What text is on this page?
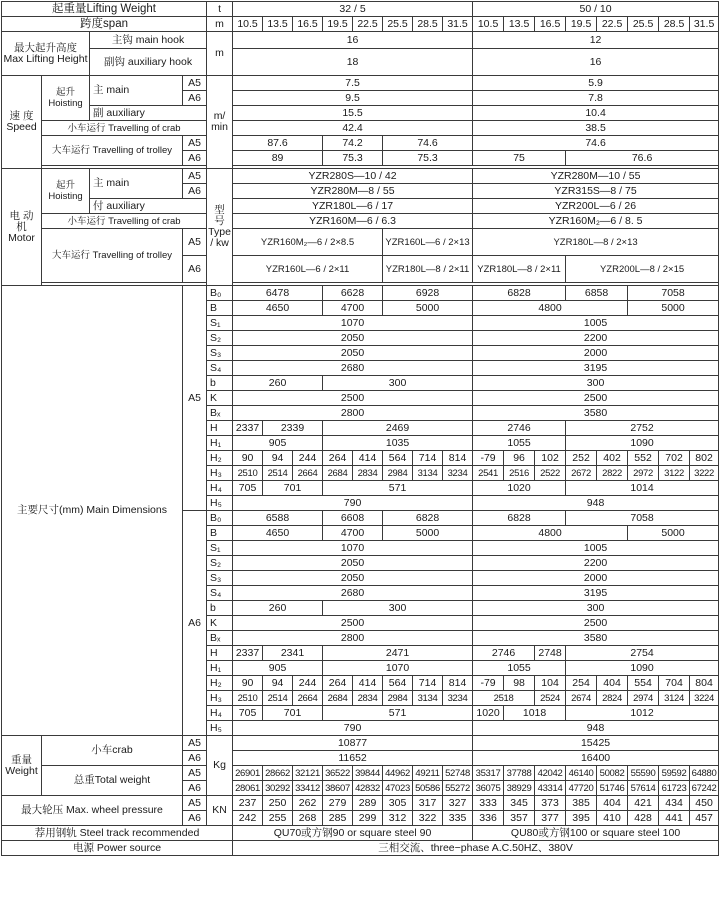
起重量Lifting Weight				t	32 / 5								50 / 10							
跨度span				m	10.5	13.5	16.5	19.5	22.5	25.5	28.5	31.5	10.5	13.5	16.5	19.5	22.5	25.5	28.5	31.5
最大起升高度 Max Lifting Height		主钩 main hook		m	16								12							
		副钩 auxiliary hook			18								16							
速 度 Speed	起升 Hoisting	主 main	A5	m/ min	7.5								5.9							
			A6		9.5								7.8							
		副 auxiliary			15.5								10.4							
	小车运行 Travelling of crab				42.4								38.5							
	大车运行 Travelling of trolley		A5		87.6			74.2		74.6			74.6							
			A6		89			75.3		75.3			75			76.6				

电 动 机 Motor	起升 Hoisting	主 main	A5	型 号 Type / kw	YZR280S—10 / 42								YZR280M—10 / 55							
			A6		YZR280M—8 / 55								YZR315S—8 / 75							
		付 auxiliary			YZR180L—6 / 17								YZR200L—6 / 26							
	小车运行 Travelling of crab				YZR160M—6 / 6.3								YZR160M₂—6 / 8. 5							
	大车运行 Travelling of trolley		A5		YZR160M₂—6 / 2×8.5					YZR160L—6 / 2×13			YZR180L—8 / 2×13							
			A6		YZR160L—6 / 2×11					YZR180L—8 / 2×11			YZR180L—8 / 2×11			YZR200L—8 / 2×15				

主要尺寸(mm) Main Dimensions			A5	B₀	6478			6628		6928			6828			6858		7058		
				B	4650			4700		5000			4800					5000		
				S₁	1070								1005							
				S₂	2050								2200							
				S₃	2050								2000							
				S₄	2680								3195							
				b	260			300					300							
				K	2500								2500							
				Bₓ	2800								3580							
				H	2337	2339		2469					2746			2752				
				H₁	905			1035					1055			1090				
				H₂	90	94	244	264	414	564	714	814	-79	96	102	252	402	552	702	802
				H₃	2510	2514	2664	2684	2834	2984	3134	3234	2541	2516	2522	2672	2822	2972	3122	3222
				H₄	705	701		571					1020			1014				
				H₅	790								948							
			A6	B₀	6588			6608		6828			6828			7058				
				B	4650			4700		5000			4800					5000		
				S₁	1070								1005							
				S₂	2050								2200							
				S₃	2050								2000							
				S₄	2680								3195							
				b	260			300					300							
				K	2500								2500							
				Bₓ	2800								3580							
				H	2337	2341		2471					2746		2748	2754				
				H₁	905			1070					1055			1090				
				H₂	90	94	244	264	414	564	714	814	-79	98	104	254	404	554	704	804
				H₃	2510	2514	2664	2684	2834	2984	3134	3234	2518		2524	2674	2824	2974	3124	3224
				H₄	705	701		571					1020	1018		1012				
				H₅	790								948							
重量 Weight	小车crab		A5	Kg	10877								15425							
			A6		11652								16400							
	总重Total weight		A5		26901	28662	32121	36522	39844	44962	49211	52748	35317	37788	42042	46140	50082	55590	59592	64880
			A6		28061	30292	33412	38607	42832	47023	50586	55272	36075	38929	43314	47720	51746	57614	61723	67242
最大轮压 Max. wheel pressure			A5	KN	237	250	262	279	289	305	317	327	333	345	373	385	404	421	434	450
			A6		242	255	268	285	299	312	322	335	336	357	377	395	410	428	441	457
荐用钢轨 Steel track recommended					QU70或方钢90 or square steel 90								QU80或方钢100 or square steel 100							
电源 Power source					三相交流、three−phase A.C.50HZ、380V															
